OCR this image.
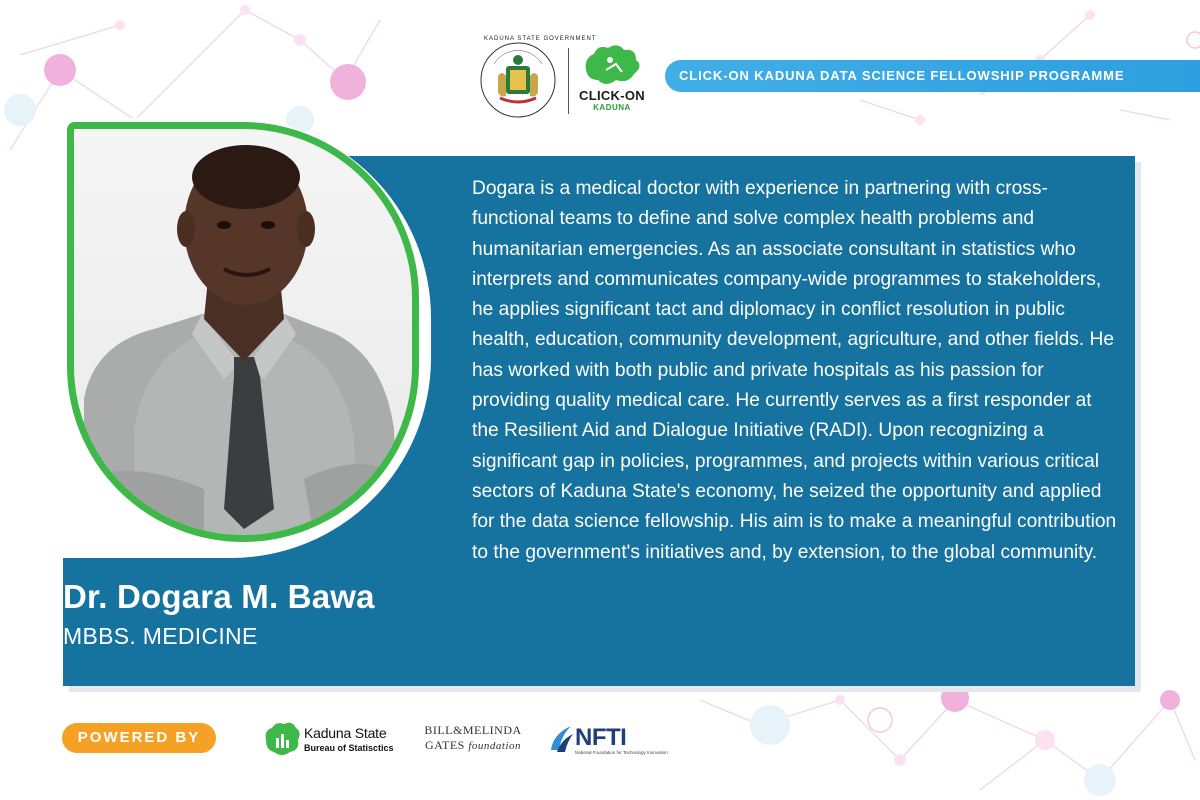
KADUNA STATE GOVERNMENT
CLICK-ON
KADUNA
CLICK-ON KADUNA DATA SCIENCE FELLOWSHIP PROGRAMME
Dr. Dogara M. Bawa
MBBS. MEDICINE

Dogara is a medical doctor with experience in partnering with cross-functional teams to define and solve complex health problems and humanitarian emergencies. As an associate consultant in statistics who interprets and communicates company-wide programmes to stakeholders, he applies significant tact and diplomacy in conflict resolution in public health, education, community development, agriculture, and other fields. He has worked with both public and private hospitals as his passion for providing quality medical care. He currently serves as a first responder at the Resilient Aid and Dialogue Initiative (RADI). Upon recognizing a significant gap in policies, programmes, and projects within various critical sectors of Kaduna State's economy, he seized the opportunity and applied for the data science fellowship. His aim is to make a meaningful contribution to the government's initiatives and, by extension, to the global community.

POWERED BY	Kaduna State
Bureau of Statisctics
BILL&MELINDA
GATES foundation	NFTI
National Foundation for Technology Innovation
